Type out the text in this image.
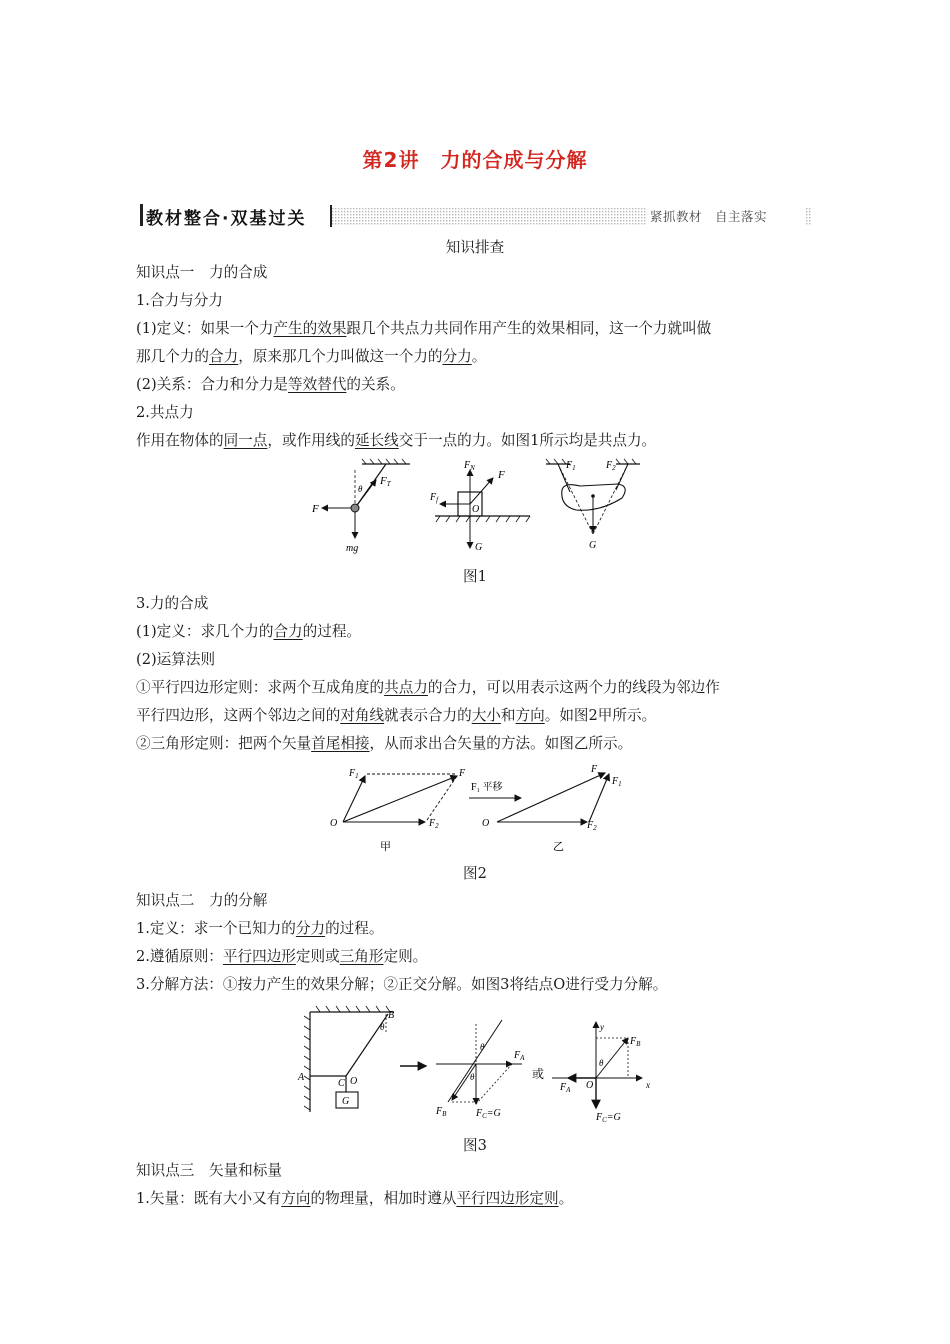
第2讲　力的合成与分解
教材整合·双基过关	紧抓教材　自主落实
知识排查
知识点一　力的合成
1.合力与分力
(1)定义：如果一个力产生的效果跟几个共点力共同作用产生的效果相同，这一个力就叫做
那几个力的合力，原来那几个力叫做这一个力的分力。
(2)关系：合力和分力是等效替代的关系。
2.共点力
作用在物体的同一点，或作用线的延长线交于一点的力。如图1所示均是共点力。
F
FT
θ
mg
$F_N$
F
$F_f$
O
G
$F_1$	$F_2$
G
图1
3.力的合成
(1)定义：求几个力的合力的过程。
(2)运算法则
①平行四边形定则：求两个互成角度的共点力的合力，可以用表示这两个力的线段为邻边作
平行四边形，这两个邻边之间的对角线就表示合力的大小和方向。如图2甲所示。
②三角形定则：把两个矢量首尾相接，从而求出合矢量的方法。如图乙所示。
$F_1$	F
O	$F_2$
甲
F₁ 平移
O
F
$F_1$
$F_2$
乙
图2
知识点二　力的分解
1.定义：求一个已知力的分力的过程。
2.遵循原则：平行四边形定则或三角形定则。
3.分解方法：①按力产生的效果分解；②正交分解。如图3将结点O进行受力分解。
B
θ
A
C O
G
θ
θ
$F_A$
$F_B$	$F_C=G$
或
y
x
θ
O
$F_B$
$F_A$
$F_C=G$
图3
知识点三　矢量和标量
1.矢量：既有大小又有方向的物理量，相加时遵从平行四边形定则。
